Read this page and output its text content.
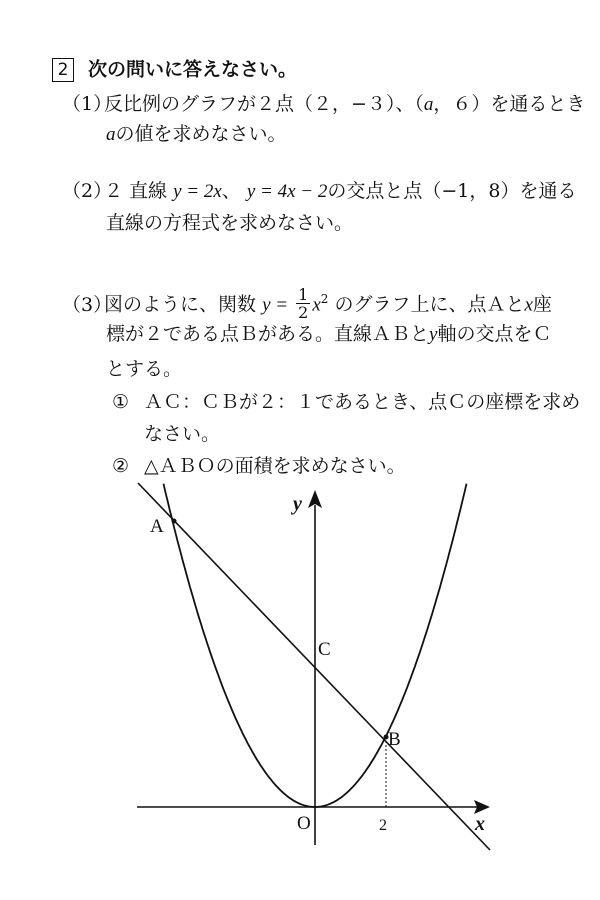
2 次の問いに答えなさい。
（1）反比例のグラフが２点（２，−３）、（a，６）を通るとき
aの値を求めなさい。
（2）２ 直線 y = 2x、 y = 4x − 2の交点と点（−1，8）を通る
直線の方程式を求めなさい。
（3）図のように、関数 $y = \frac{1}{2} x^2$ のグラフ上に、点Ａとx座
標が２である点Ｂがある。直線ＡＢとy軸の交点をＣ
とする。
① ＡＣ：ＣＢが２：１であるとき、点Ｃの座標を求め
なさい。
② △ＡＢＯの面積を求めなさい。
A
B
C
O	2	x
y
